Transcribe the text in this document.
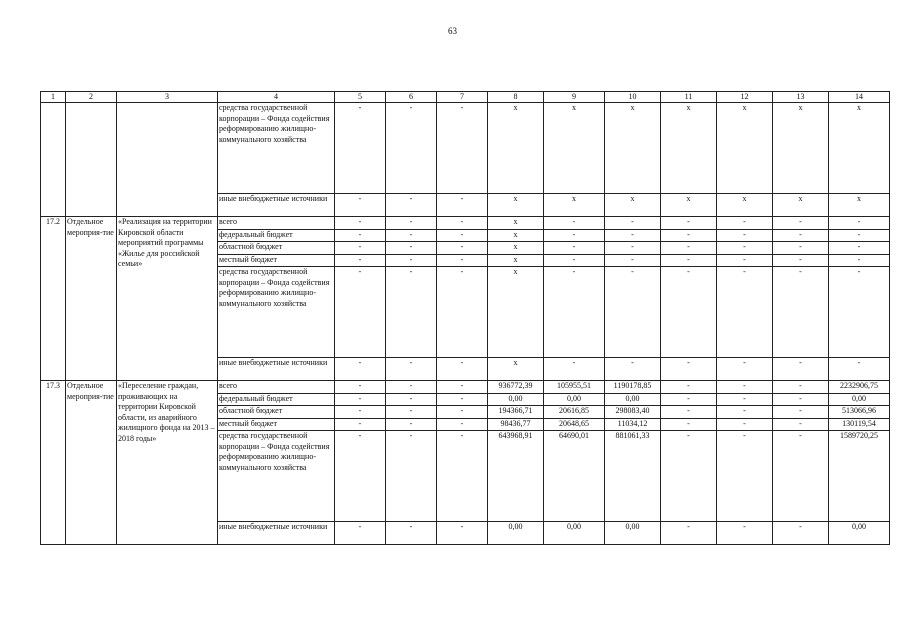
63
1	2	3	4	5	6	7	8	9	10	11	12	13	14
			средства государственной корпорации – Фонда содействия реформированию жилищно-коммунального хозяйства	-	-	-	x	x	x	x	x	x	x
			иные внебюджетные источники	-	-	-	x	x	x	x	x	x	x
17.2	Отдельное мероприя-тие	«Реализация на территории Кировской области мероприятий программы «Жилье для российской семьи»	всего	-	-	-	x	-	-	-	-	-	-
			федеральный бюджет	-	-	-	x	-	-	-	-	-	-
			областной бюджет	-	-	-	x	-	-	-	-	-	-
			местный бюджет	-	-	-	x	-	-	-	-	-	-
			средства государственной корпорации – Фонда содействия реформированию жилищно-коммунального хозяйства	-	-	-	x	-	-	-	-	-	-
			иные внебюджетные источники	-	-	-	x	-	-	-	-	-	-
17.3	Отдельное мероприя-тие	«Переселение граждан, проживающих на территории Кировской области, из аварийного жилищного фонда на 2013 – 2018 годы»	всего	-	-	-	936772,39	105955,51	1190178,85	-	-	-	2232906,75
			федеральный бюджет	-	-	-	0,00	0,00	0,00	-	-	-	0,00
			областной бюджет	-	-	-	194366,71	20616,85	298083,40	-	-	-	513066,96
			местный бюджет	-	-	-	98436,77	20648,65	11034,12	-	-	-	130119,54
			средства государственной корпорации – Фонда содействия реформированию жилищно-коммунального хозяйства	-	-	-	643968,91	64690,01	881061,33	-	-	-	1589720,25
			иные внебюджетные источники	-	-	-	0,00	0,00	0,00	-	-	-	0,00
